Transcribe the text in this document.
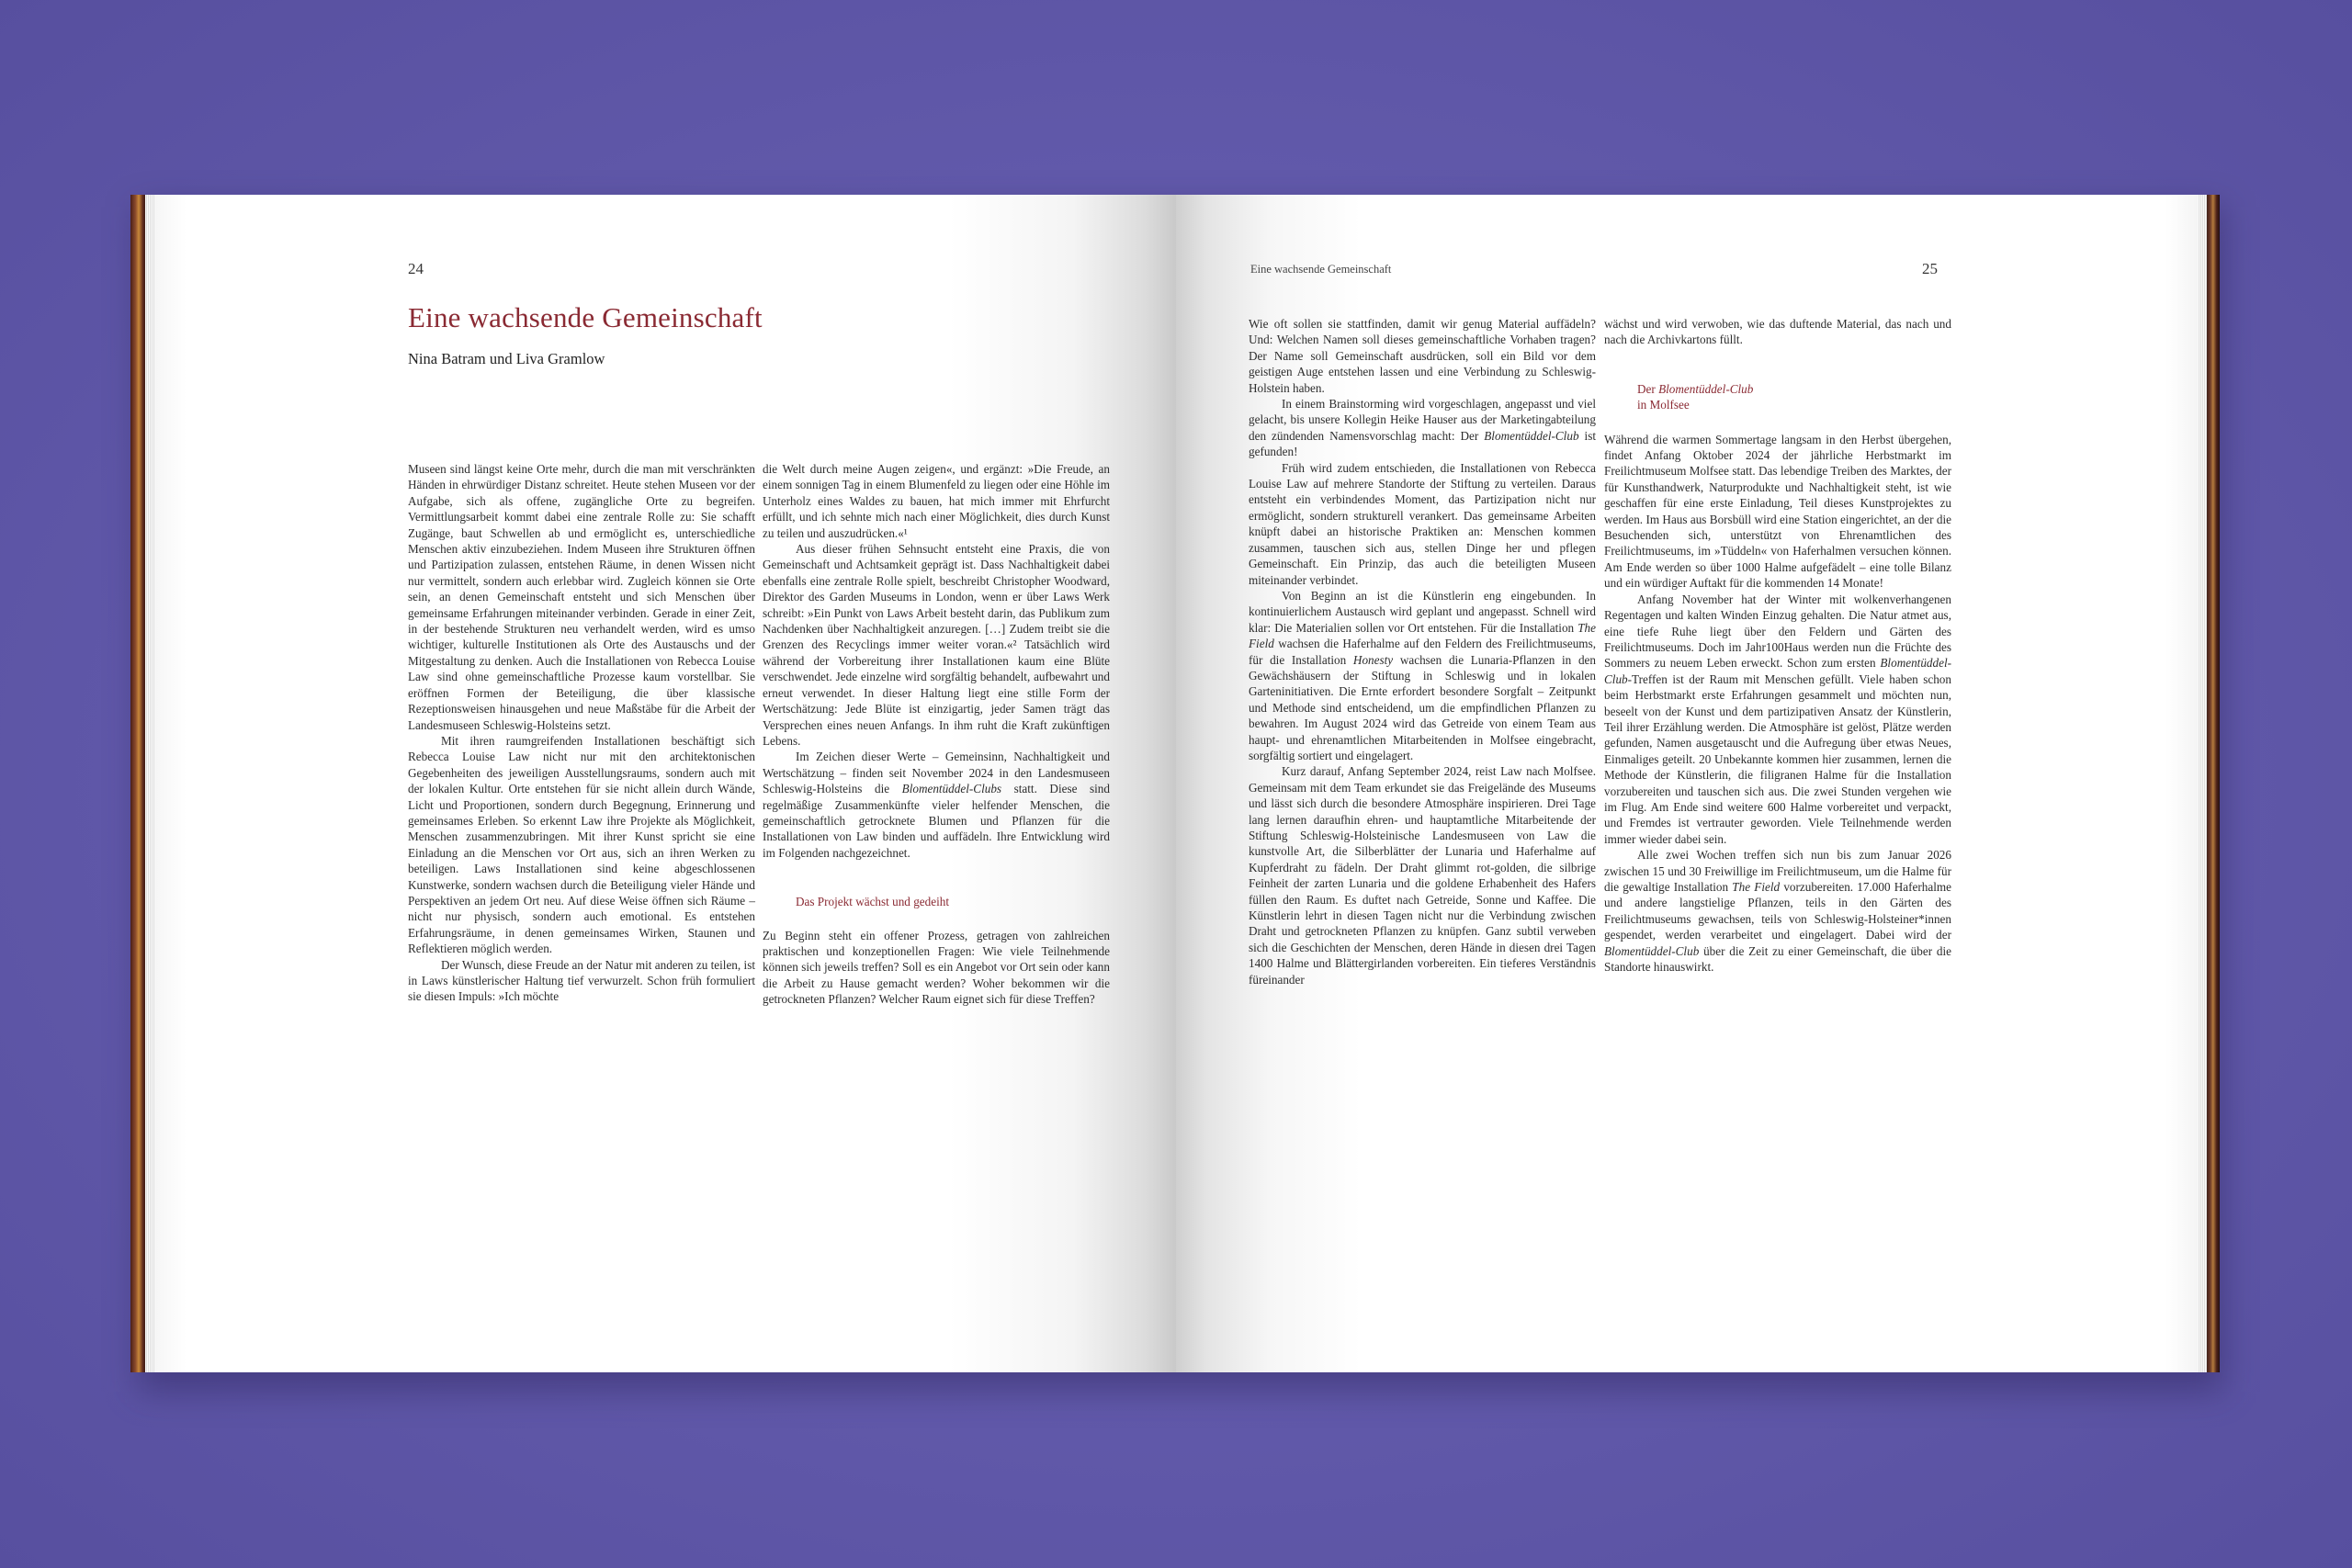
24
Eine wachsende Gemeinschaft
Nina Batram und Liva Gramlow

Museen sind längst keine Orte mehr, durch die man mit verschränkten Händen in ehrwürdiger Distanz schreitet. Heute stehen Museen vor der Aufgabe, sich als offene, zugängliche Orte zu begreifen. Vermittlungsarbeit kommt dabei eine zentrale Rolle zu: Sie schafft Zugänge, baut Schwellen ab und ermöglicht es, unterschiedliche Menschen aktiv einzubeziehen. Indem Museen ihre Strukturen öffnen und Partizipation zulassen, entstehen Räume, in denen Wissen nicht nur vermittelt, sondern auch erlebbar wird. Zugleich können sie Orte sein, an denen Gemeinschaft entsteht und sich Menschen über gemeinsame Erfahrungen miteinander verbinden. Gerade in einer Zeit, in der bestehende Strukturen neu verhandelt werden, wird es umso wichtiger, kulturelle Institutionen als Orte des Austauschs und der Mitgestaltung zu denken. Auch die Installationen von Rebecca Louise Law sind ohne gemeinschaftliche Prozesse kaum vorstellbar. Sie eröffnen Formen der Beteiligung, die über klassische Rezeptionsweisen hinausgehen und neue Maßstäbe für die Arbeit der Landesmuseen Schleswig-Holsteins setzt.

Mit ihren raumgreifenden Installationen beschäftigt sich Rebecca Louise Law nicht nur mit den architektonischen Gegebenheiten des jeweiligen Ausstellungsraums, sondern auch mit der lokalen Kultur. Orte entstehen für sie nicht allein durch Wände, Licht und Proportionen, sondern durch Begegnung, Erinnerung und gemeinsames Erleben. So erkennt Law ihre Projekte als Möglichkeit, Menschen zusammenzubringen. Mit ihrer Kunst spricht sie eine Einladung an die Menschen vor Ort aus, sich an ihren Werken zu beteiligen. Laws Installationen sind keine abgeschlossenen Kunstwerke, sondern wachsen durch die Beteiligung vieler Hände und Perspektiven an jedem Ort neu. Auf diese Weise öffnen sich Räume – nicht nur physisch, sondern auch emotional. Es entstehen Erfahrungsräume, in denen gemeinsames Wirken, Staunen und Reflektieren möglich werden.

Der Wunsch, diese Freude an der Natur mit anderen zu teilen, ist in Laws künstlerischer Haltung tief verwurzelt. Schon früh formuliert sie diesen Impuls: »Ich möchte

die Welt durch meine Augen zeigen«, und ergänzt: »Die Freude, an einem sonnigen Tag in einem Blumenfeld zu liegen oder eine Höhle im Unterholz eines Waldes zu bauen, hat mich immer mit Ehrfurcht erfüllt, und ich sehnte mich nach einer Möglichkeit, dies durch Kunst zu teilen und auszudrücken.«¹

Aus dieser frühen Sehnsucht entsteht eine Praxis, die von Gemeinschaft und Achtsamkeit geprägt ist. Dass Nachhaltigkeit dabei ebenfalls eine zentrale Rolle spielt, beschreibt Christopher Woodward, Direktor des Garden Museums in London, wenn er über Laws Werk schreibt: »Ein Punkt von Laws Arbeit besteht darin, das Publikum zum Nachdenken über Nachhaltigkeit anzuregen. […] Zudem treibt sie die Grenzen des Recyclings immer weiter voran.«² Tatsächlich wird während der Vorbereitung ihrer Installationen kaum eine Blüte verschwendet. Jede einzelne wird sorgfältig behandelt, aufbewahrt und erneut verwendet. In dieser Haltung liegt eine stille Form der Wertschätzung: Jede Blüte ist einzigartig, jeder Samen trägt das Versprechen eines neuen Anfangs. In ihm ruht die Kraft zukünftigen Lebens.

Im Zeichen dieser Werte – Gemeinsinn, Nachhaltigkeit und Wertschätzung – finden seit November 2024 in den Landesmuseen Schleswig-Holsteins die Blomentüddel-Clubs statt. Diese sind regelmäßige Zusammenkünfte vieler helfender Menschen, die gemeinschaftlich getrocknete Blumen und Pflanzen für die Installationen von Law binden und auffädeln. Ihre Entwicklung wird im Folgenden nachgezeichnet.

Das Projekt wächst und gedeiht

Zu Beginn steht ein offener Prozess, getragen von zahlreichen praktischen und konzeptionellen Fragen: Wie viele Teilnehmende können sich jeweils treffen? Soll es ein Angebot vor Ort sein oder kann die Arbeit zu Hause gemacht werden? Woher bekommen wir die getrockneten Pflanzen? Welcher Raum eignet sich für diese Treffen?

Eine wachsende Gemeinschaft	25

Wie oft sollen sie stattfinden, damit wir genug Material auffädeln? Und: Welchen Namen soll dieses gemeinschaftliche Vorhaben tragen? Der Name soll Gemeinschaft ausdrücken, soll ein Bild vor dem geistigen Auge entstehen lassen und eine Verbindung zu Schleswig-Holstein haben.

In einem Brainstorming wird vorgeschlagen, angepasst und viel gelacht, bis unsere Kollegin Heike Hauser aus der Marketingabteilung den zündenden Namensvorschlag macht: Der Blomentüddel-Club ist gefunden!

Früh wird zudem entschieden, die Installationen von Rebecca Louise Law auf mehrere Standorte der Stiftung zu verteilen. Daraus entsteht ein verbindendes Moment, das Partizipation nicht nur ermöglicht, sondern strukturell verankert. Das gemeinsame Arbeiten knüpft dabei an historische Praktiken an: Menschen kommen zusammen, tauschen sich aus, stellen Dinge her und pflegen Gemeinschaft. Ein Prinzip, das auch die beteiligten Museen miteinander verbindet.

Von Beginn an ist die Künstlerin eng eingebunden. In kontinuierlichem Austausch wird geplant und angepasst. Schnell wird klar: Die Materialien sollen vor Ort entstehen. Für die Installation The Field wachsen die Haferhalme auf den Feldern des Freilichtmuseums, für die Installation Honesty wachsen die Lunaria-Pflanzen in den Gewächshäusern der Stiftung in Schleswig und in lokalen Garteninitiativen. Die Ernte erfordert besondere Sorgfalt – Zeitpunkt und Methode sind entscheidend, um die empfindlichen Pflanzen zu bewahren. Im August 2024 wird das Getreide von einem Team aus haupt- und ehrenamtlichen Mitarbeitenden in Molfsee eingebracht, sorgfältig sortiert und eingelagert.

Kurz darauf, Anfang September 2024, reist Law nach Molfsee. Gemeinsam mit dem Team erkundet sie das Freigelände des Museums und lässt sich durch die besondere Atmosphäre inspirieren. Drei Tage lang lernen daraufhin ehren- und hauptamtliche Mitarbeitende der Stiftung Schleswig-Holsteinische Landesmuseen von Law die kunstvolle Art, die Silberblätter der Lunaria und Haferhalme auf Kupferdraht zu fädeln. Der Draht glimmt rot-golden, die silbrige Feinheit der zarten Lunaria und die goldene Erhabenheit des Hafers füllen den Raum. Es duftet nach Getreide, Sonne und Kaffee. Die Künstlerin lehrt in diesen Tagen nicht nur die Verbindung zwischen Draht und getrockneten Pflanzen zu knüpfen. Ganz subtil verweben sich die Geschichten der Menschen, deren Hände in diesen drei Tagen 1400 Halme und Blättergirlanden vorbereiten. Ein tieferes Verständnis füreinander

wächst und wird verwoben, wie das duftende Material, das nach und nach die Archivkartons füllt.

Der Blomentüddel-Club
in Molfsee

Während die warmen Sommertage langsam in den Herbst übergehen, findet Anfang Oktober 2024 der jährliche Herbstmarkt im Freilichtmuseum Molfsee statt. Das lebendige Treiben des Marktes, der für Kunsthandwerk, Naturprodukte und Nachhaltigkeit steht, ist wie geschaffen für eine erste Einladung, Teil dieses Kunstprojektes zu werden. Im Haus aus Borsbüll wird eine Station eingerichtet, an der die Besuchenden sich, unterstützt von Ehrenamtlichen des Freilichtmuseums, im »Tüddeln« von Haferhalmen versuchen können. Am Ende werden so über 1000 Halme aufgefädelt – eine tolle Bilanz und ein würdiger Auftakt für die kommenden 14 Monate!

Anfang November hat der Winter mit wolkenverhangenen Regentagen und kalten Winden Einzug gehalten. Die Natur atmet aus, eine tiefe Ruhe liegt über den Feldern und Gärten des Freilichtmuseums. Doch im Jahr100Haus werden nun die Früchte des Sommers zu neuem Leben erweckt. Schon zum ersten Blomentüddel-Club-Treffen ist der Raum mit Menschen gefüllt. Viele haben schon beim Herbstmarkt erste Erfahrungen gesammelt und möchten nun, beseelt von der Kunst und dem partizipativen Ansatz der Künstlerin, Teil ihrer Erzählung werden. Die Atmosphäre ist gelöst, Plätze werden gefunden, Namen ausgetauscht und die Aufregung über etwas Neues, Einmaliges geteilt. 20 Unbekannte kommen hier zusammen, lernen die Methode der Künstlerin, die filigranen Halme für die Installation vorzubereiten und tauschen sich aus. Die zwei Stunden vergehen wie im Flug. Am Ende sind weitere 600 Halme vorbereitet und verpackt, und Fremdes ist vertrauter geworden. Viele Teilnehmende werden immer wieder dabei sein.

Alle zwei Wochen treffen sich nun bis zum Januar 2026 zwischen 15 und 30 Freiwillige im Freilichtmuseum, um die Halme für die gewaltige Installation The Field vorzubereiten. 17.000 Haferhalme und andere langstielige Pflanzen, teils in den Gärten des Freilichtmuseums gewachsen, teils von Schleswig-Holsteiner*innen gespendet, werden verarbeitet und eingelagert. Dabei wird der Blomentüddel-Club über die Zeit zu einer Gemeinschaft, die über die Standorte hinauswirkt.
